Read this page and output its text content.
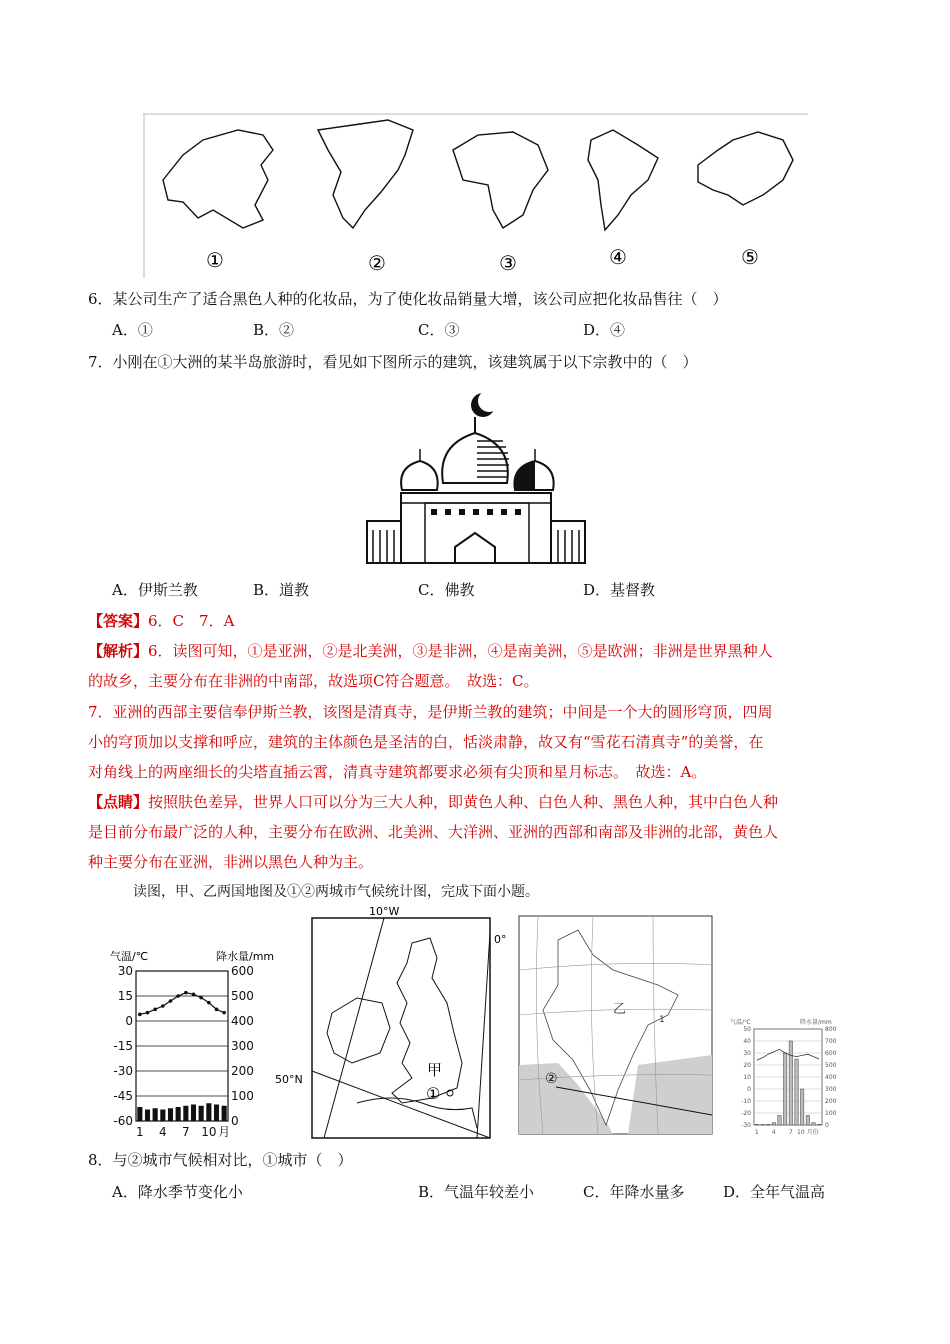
①	②	③	④	⑤
6．某公司生产了适合黑色人种的化妆品，为了使化妆品销量大增，该公司应把化妆品售往（　）
A．①	B．②	C．③	D．④
7．小刚在①大洲的某半岛旅游时，看见如下图所示的建筑，该建筑属于以下宗教中的（　）
A．伊斯兰教	B．道教	C．佛教	D．基督教
【答案】6．C　7．A
【解析】6．读图可知，①是亚洲，②是北美洲，③是非洲，④是南美洲，⑤是欧洲；非洲是世界黑种人
的故乡，主要分布在非洲的中南部，故选项C符合题意。　故选：C。
7．亚洲的西部主要信奉伊斯兰教，该图是清真寺，是伊斯兰教的建筑；中间是一个大的圆形穹顶，四周
小的穹顶加以支撑和呼应，建筑的主体颜色是圣洁的白，恬淡肃静，故又有“雪花石清真寺”的美誉，在
对角线上的两座细长的尖塔直插云霄，清真寺建筑都要求必须有尖顶和星月标志。　故选：A。
【点睛】按照肤色差异，世界人口可以分为三大人种，即黄色人种、白色人种、黑色人种，其中白色人种
是目前分布最广泛的人种，主要分布在欧洲、北美洲、大洋洲、亚洲的西部和南部及非洲的北部，黄色人
种主要分布在亚洲，非洲以黑色人种为主。
读图，甲、乙两国地图及①②两城市气候统计图，完成下面小题。
气温/℃	降水量/mm
30
15
0
-15
-30
-45
-60
600
500
400
300
200
100
0
1 4 7 10 月
10°W
0°
50°N
甲
①
乙
②
1	气温/℃	降水量/mm
50
40
30
20
10
0
-10
-20
-30
800
700
600
500
400
300
200
100
0
1 4 7 10 月份
8．与②城市气候相对比，①城市（　）
A．降水季节变化小	B．气温年较差小	C．年降水量多	D．全年气温高
